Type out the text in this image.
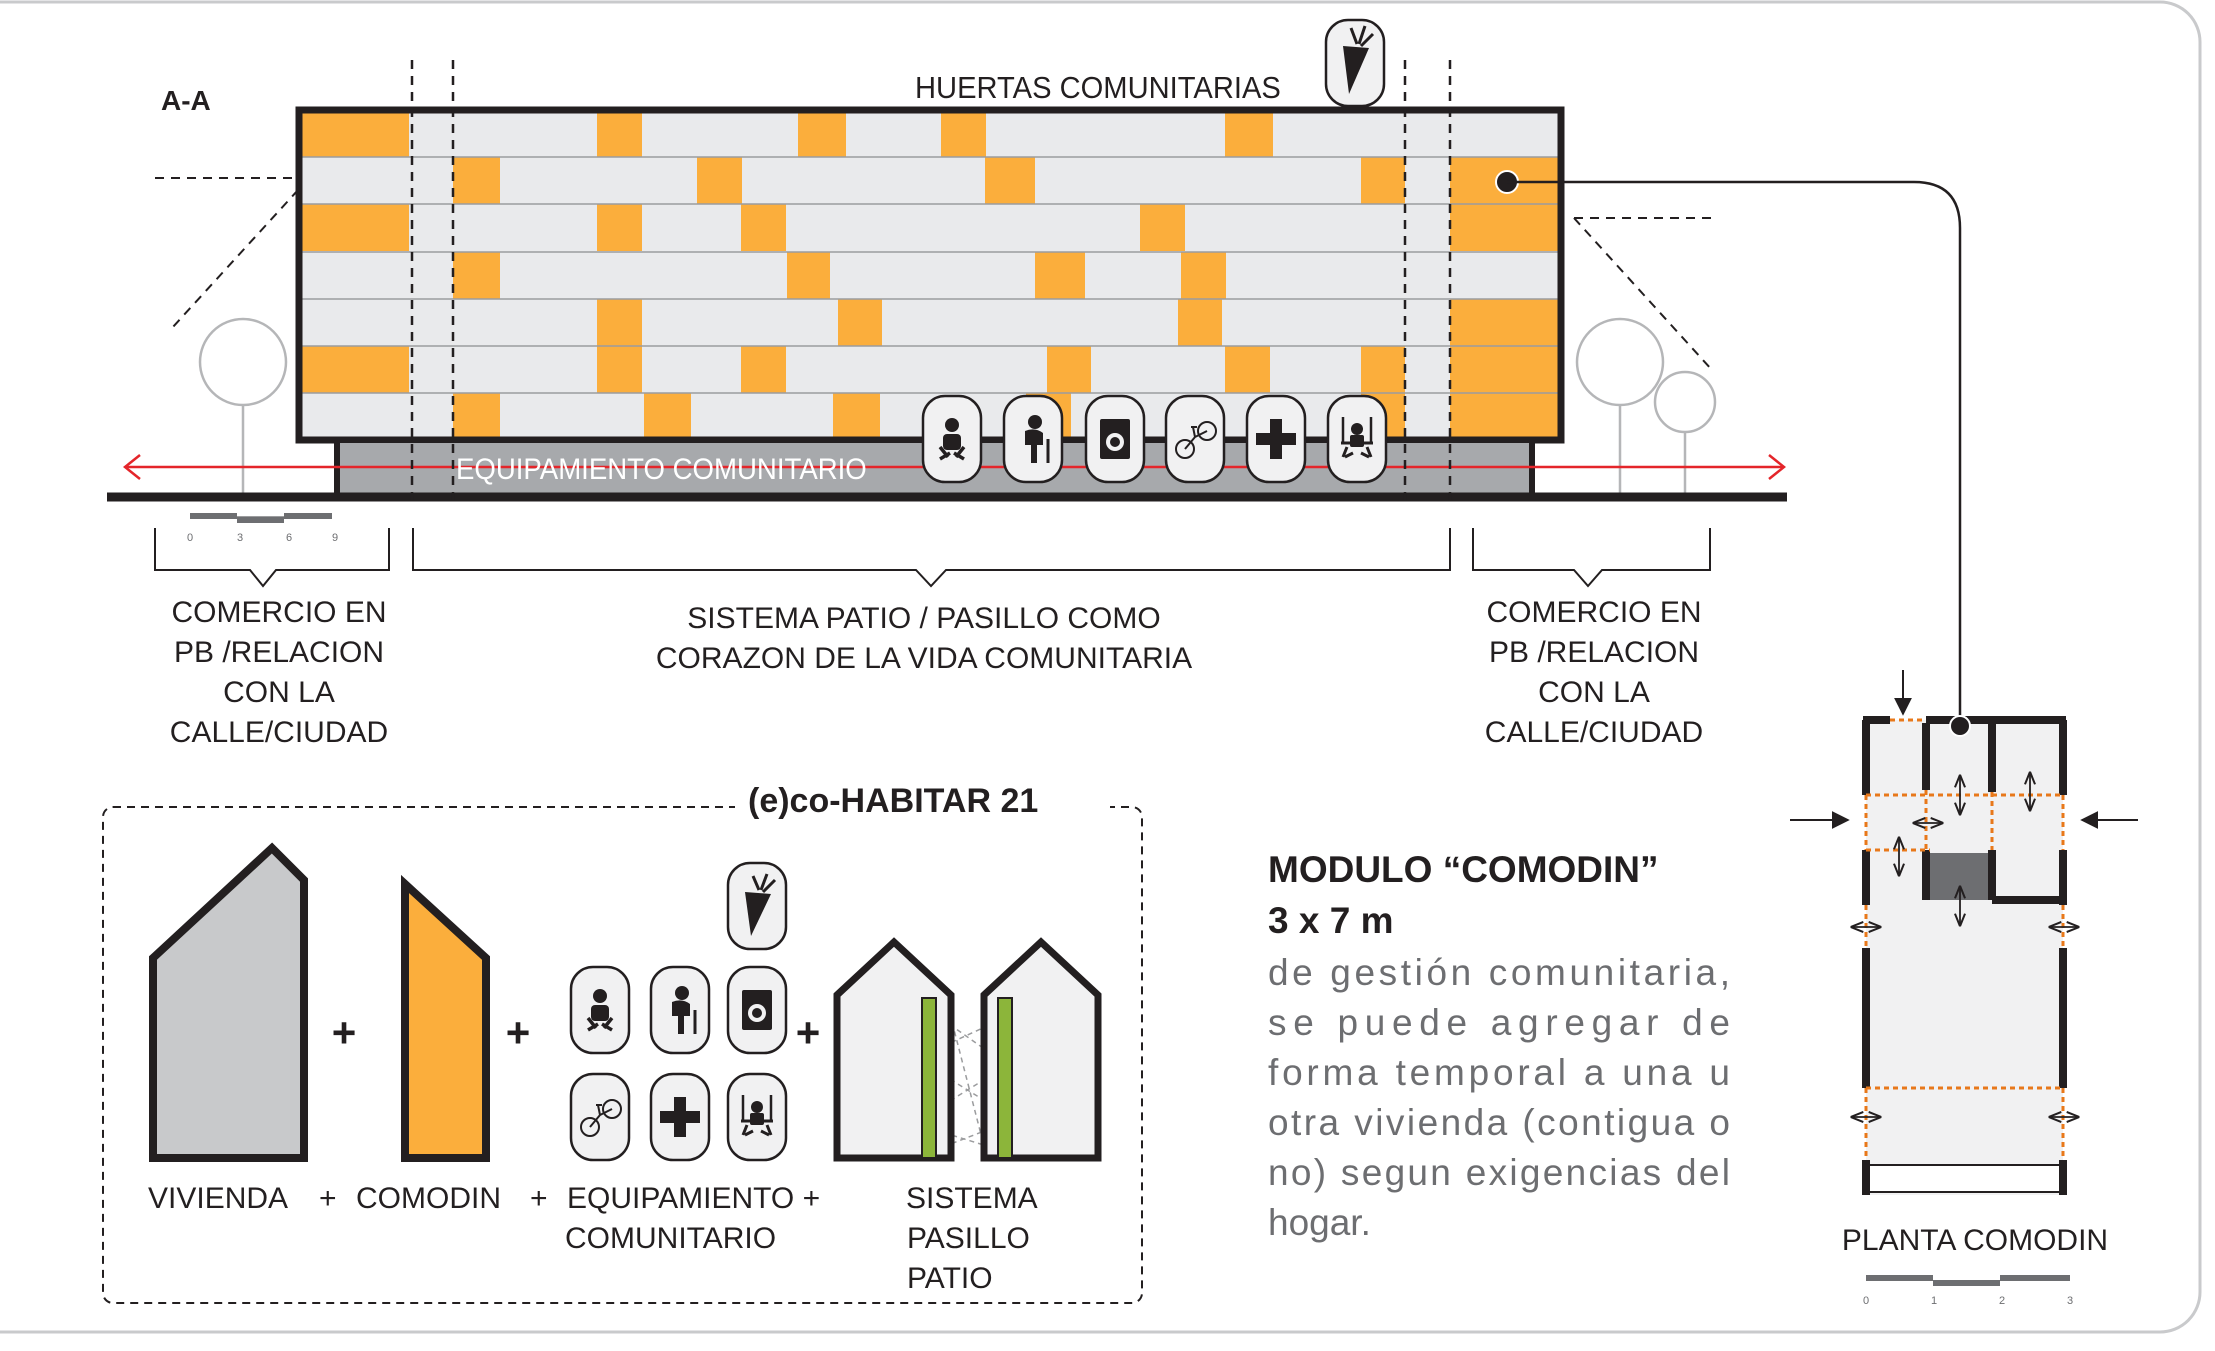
A-A
EQUIPAMIENTO COMUNITARIO
HUERTAS COMUNITARIAS
0	3	6	9
COMERCIO EN
PB /RELACION
CON LA
CALLE/CIUDAD
SISTEMA PATIO / PASILLO COMO
CORAZON DE LA VIDA COMUNITARIA
COMERCIO EN
PB /RELACION
CON LA
CALLE/CIUDAD
(e)co-HABITAR 21
+	+	+
VIVIENDA + COMODIN + EQUIPAMIENTO +
COMUNITARIO
SISTEMA
PASILLO
PATIO
MODULO “COMODIN”
3 x 7 m
de gestión comunitaria,
se puede agregar de
forma temporal a una u
otra vivienda (contigua o
no) segun exigencias del
hogar.	PLANTA COMODIN
0	1	2	3
